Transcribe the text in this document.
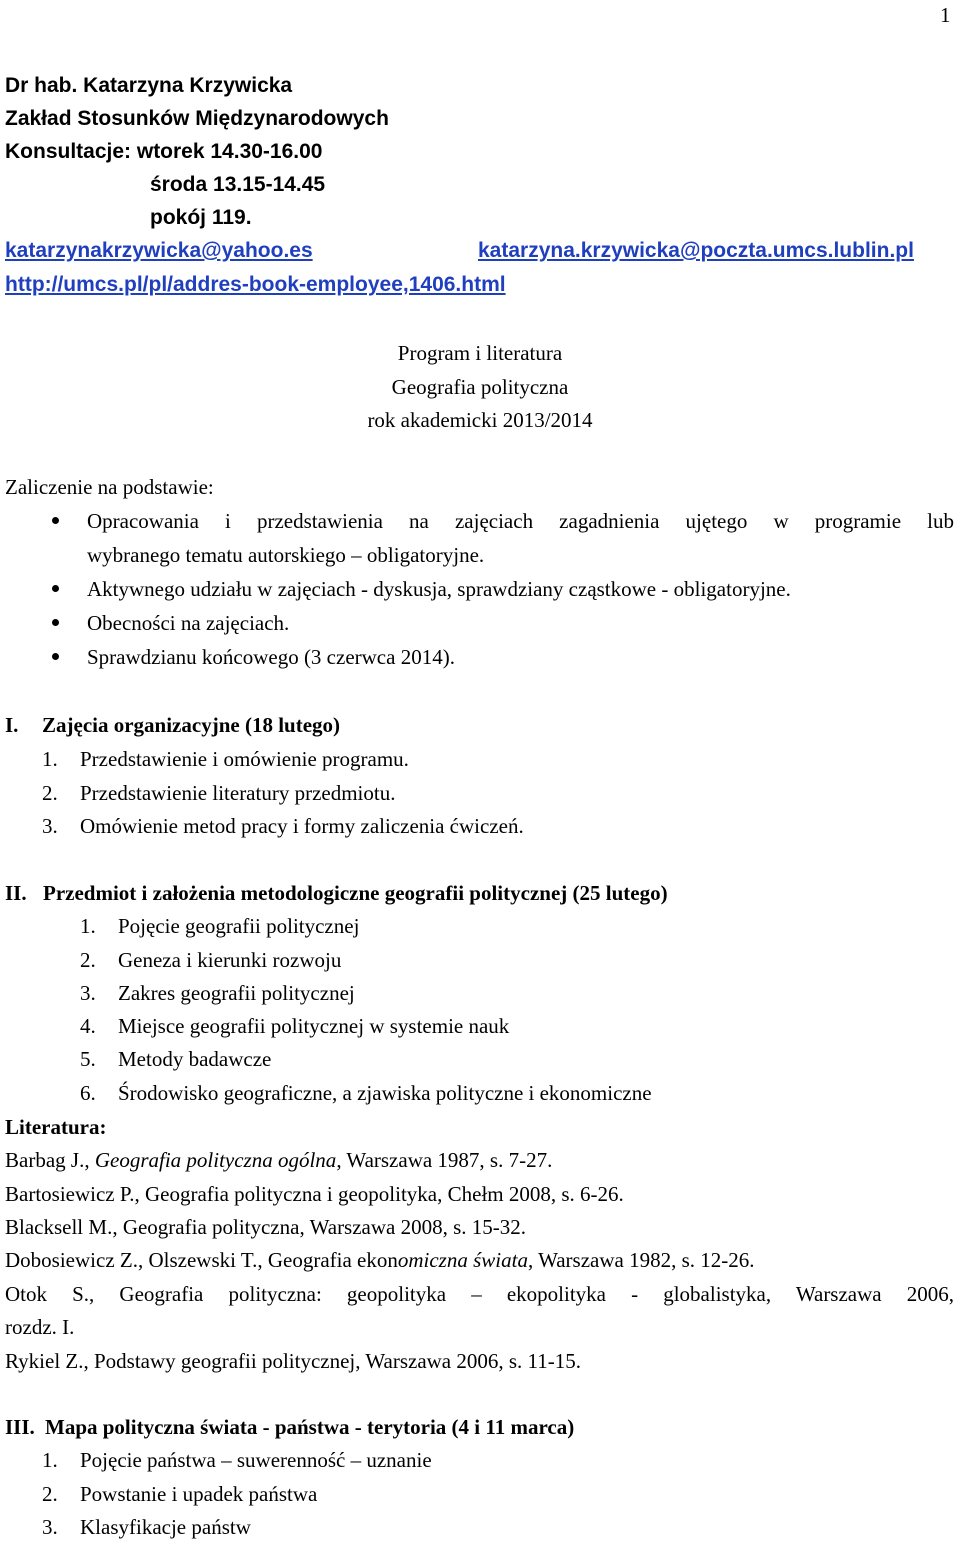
1
Dr hab. Katarzyna Krzywicka
Zakład Stosunków Międzynarodowych
Konsultacje: wtorek 14.30-16.00
środa 13.15-14.45
pokój 119.
katarzynakrzywicka@yahoo.es	katarzyna.krzywicka@poczta.umcs.lublin.pl
http://umcs.pl/pl/addres-book-employee,1406.html
Program i literatura
Geografia polityczna
rok akademicki 2013/2014
Zaliczenie na podstawie:
Opracowania i przedstawienia na zajęciach zagadnienia ujętego w programie lub
wybranego tematu autorskiego – obligatoryjne.
Aktywnego udziału w zajęciach - dyskusja, sprawdziany cząstkowe - obligatoryjne.
Obecności na zajęciach.
Sprawdzianu końcowego (3 czerwca 2014).
I. Zajęcia organizacyjne (18 lutego)
1. Przedstawienie i omówienie programu.
2. Przedstawienie literatury przedmiotu.
3. Omówienie metod pracy i formy zaliczenia ćwiczeń.
II. Przedmiot i założenia metodologiczne geografii politycznej (25 lutego)
1. Pojęcie geografii politycznej
2. Geneza i kierunki rozwoju
3. Zakres geografii politycznej
4. Miejsce geografii politycznej w systemie nauk
5. Metody badawcze
6. Środowisko geograficzne, a zjawiska polityczne i ekonomiczne
Literatura:
Barbag J., Geografia polityczna ogólna, Warszawa 1987, s. 7-27.
Bartosiewicz P., Geografia polityczna i geopolityka, Chełm 2008, s. 6-26.
Blacksell M., Geografia polityczna, Warszawa 2008, s. 15-32.
Dobosiewicz Z., Olszewski T., Geografia ekonomiczna świata, Warszawa 1982, s. 12-26.
Otok S., Geografia polityczna: geopolityka – ekopolityka - globalistyka, Warszawa 2006,
rozdz. I.
Rykiel Z., Podstawy geografii politycznej, Warszawa 2006, s. 11-15.
III. Mapa polityczna świata - państwa - terytoria (4 i 11 marca)
1. Pojęcie państwa – suwerenność – uznanie
2. Powstanie i upadek państwa
3. Klasyfikacje państw
